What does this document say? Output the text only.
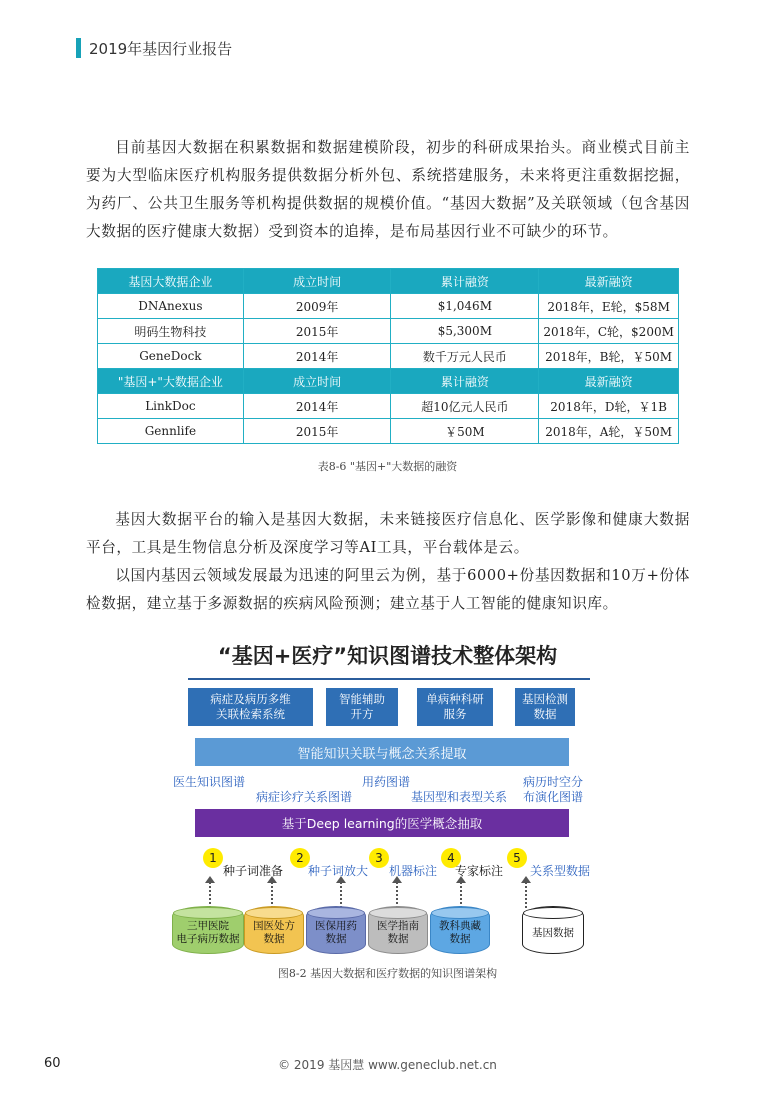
2019年基因行业报告

目前基因大数据在积累数据和数据建模阶段，初步的科研成果抬头。商业模式目前主要为大型临床医疗机构服务提供数据分析外包、系统搭建服务，未来将更注重数据挖掘，为药厂、公共卫生服务等机构提供数据的规模价值。“基因大数据”及关联领域（包含基因大数据的医疗健康大数据）受到资本的追捧，是布局基因行业不可缺少的环节。

基因大数据企业	成立时间	累计融资	最新融资
DNAnexus	2009年	$1,046M	2018年，E轮，$58M
明码生物科技	2015年	$5,300M	2018年，C轮，$200M
GeneDock	2014年	数千万元人民币	2018年，B轮，￥50M
"基因+"大数据企业	成立时间	累计融资	最新融资
LinkDoc	2014年	超10亿元人民币	2018年，D轮，￥1B
Gennlife	2015年	￥50M	2018年，A轮，￥50M
表8-6 "基因+"大数据的融资

基因大数据平台的输入是基因大数据，未来链接医疗信息化、医学影像和健康大数据平台，工具是生物信息分析及深度学习等AI工具，平台载体是云。

以国内基因云领域发展最为迅速的阿里云为例，基于6000+份基因数据和10万+份体检数据，建立基于多源数据的疾病风险预测；建立基于人工智能的健康知识库。

“基因+医疗”知识图谱技术整体架构
病症及病历多维
关联检索系统
智能辅助
开方
单病种科研
服务
基因检测
数据
智能知识关联与概念关系提取
医生知识图谱
病症诊疗关系图谱
用药图谱
基因型和表型关系
病历时空分
布演化图谱
基于Deep learning的医学概念抽取
1
种子词准备
2
种子词放大
3
机器标注
4
专家标注
5
关系型数据
三甲医院
电子病历数据
国医处方
数据
医保用药
数据
医学指南
数据
教科典藏
数据
基因数据
图8-2 基因大数据和医疗数据的知识图谱架构
60	© 2019 基因慧 www.geneclub.net.cn
